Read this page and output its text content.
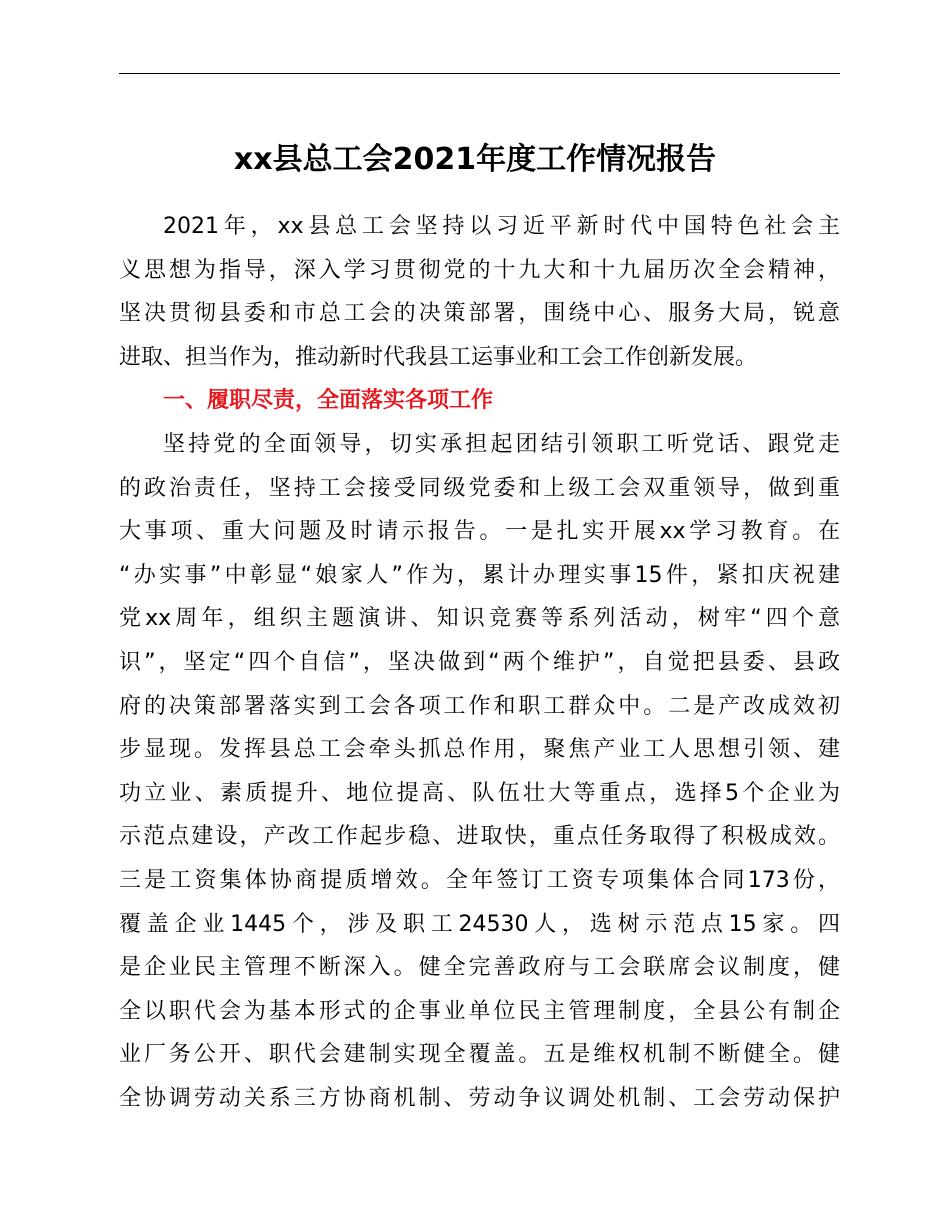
xx县总工会2021年度工作情况报告
2021年，xx县总工会坚持以习近平新时代中国特色社会主
义思想为指导，深入学习贯彻党的十九大和十九届历次全会精神，
坚决贯彻县委和市总工会的决策部署，围绕中心、服务大局，锐意
进取、担当作为，推动新时代我县工运事业和工会工作创新发展。
一、履职尽责，全面落实各项工作
坚持党的全面领导，切实承担起团结引领职工听党话、跟党走
的政治责任，坚持工会接受同级党委和上级工会双重领导，做到重
大事项、重大问题及时请示报告。一是扎实开展xx学习教育。在
“办实事”中彰显“娘家人”作为，累计办理实事15件，紧扣庆祝建
党xx周年，组织主题演讲、知识竞赛等系列活动，树牢“四个意
识”，坚定“四个自信”，坚决做到“两个维护”，自觉把县委、县政
府的决策部署落实到工会各项工作和职工群众中。二是产改成效初
步显现。发挥县总工会牵头抓总作用，聚焦产业工人思想引领、建
功立业、素质提升、地位提高、队伍壮大等重点，选择5个企业为
示范点建设，产改工作起步稳、进取快，重点任务取得了积极成效。
三是工资集体协商提质增效。全年签订工资专项集体合同173份，
覆盖企业1445个，涉及职工24530人，选树示范点15家。四
是企业民主管理不断深入。健全完善政府与工会联席会议制度，健
全以职代会为基本形式的企事业单位民主管理制度，全县公有制企
业厂务公开、职代会建制实现全覆盖。五是维权机制不断健全。健
全协调劳动关系三方协商机制、劳动争议调处机制、工会劳动保护
